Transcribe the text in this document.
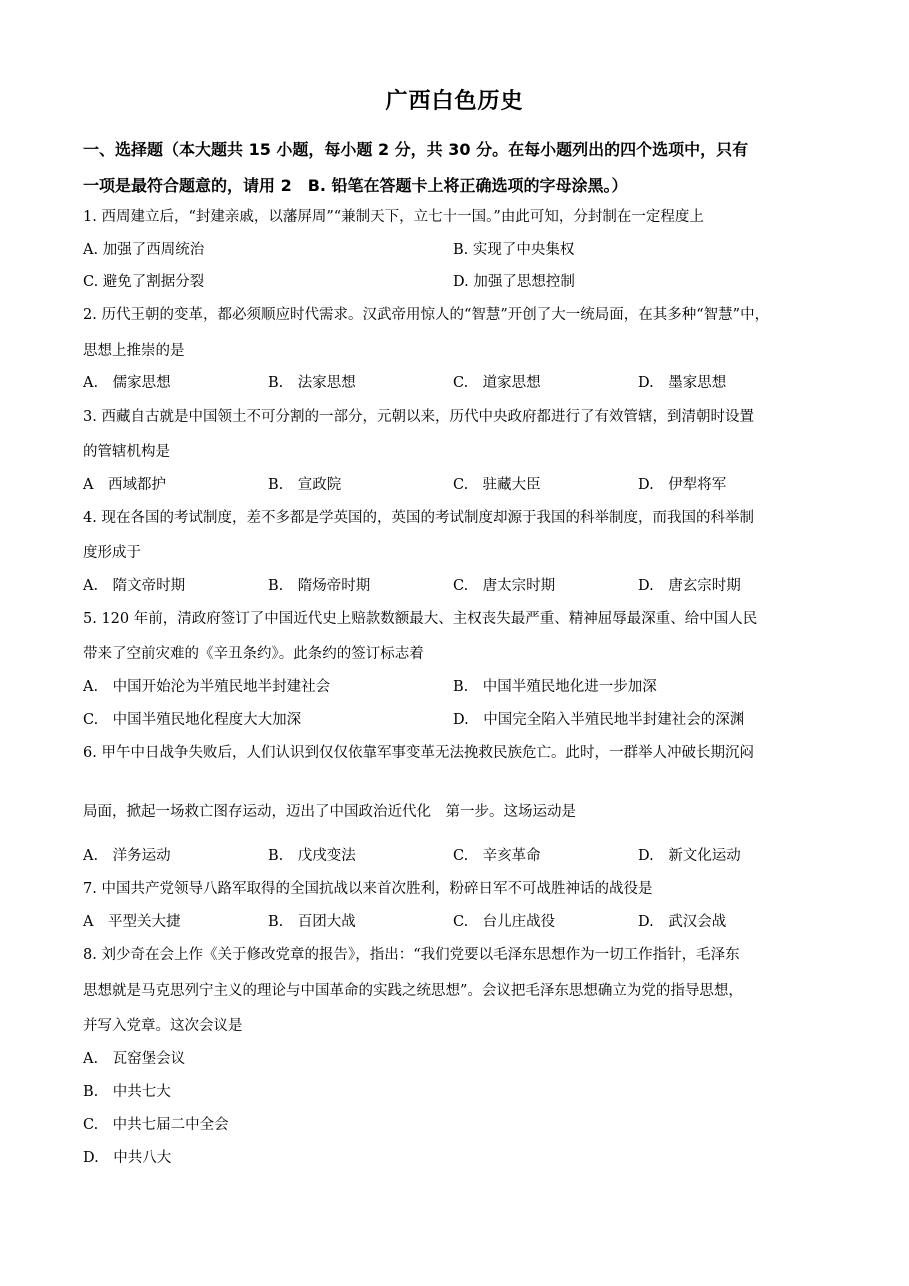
广西白色历史
一、选择题（本大题共 15 小题，每小题 2 分，共 30 分。在每小题列出的四个选项中，只有
一项是最符合题意的，请用 2　B. 铅笔在答题卡上将正确选项的字母涂黑。）
1. 西周建立后，“封建亲戚，以藩屏周”“兼制天下，立七十一国。”由此可知，分封制在一定程度上
A. 加强了西周统治	B. 实现了中央集权
C. 避免了割据分裂	D. 加强了思想控制
2. 历代王朝的变革，都必须顺应时代需求。汉武帝用惊人的“智慧”开创了大一统局面，在其多种“智慧”中，
思想上推崇的是
A.　儒家思想	B.　法家思想	C.　道家思想	D.　墨家思想
3. 西藏自古就是中国领土不可分割的一部分，元朝以来，历代中央政府都进行了有效管辖，到清朝时设置
的管辖机构是
A　西域都护	B.　宣政院	C.　驻藏大臣	D.　伊犁将军
4. 现在各国的考试制度，差不多都是学英国的，英国的考试制度却源于我国的科举制度，而我国的科举制
度形成于
A.　隋文帝时期	B.　隋炀帝时期	C.　唐太宗时期	D.　唐玄宗时期
5. 120 年前，清政府签订了中国近代史上赔款数额最大、主权丧失最严重、精神屈辱最深重、给中国人民
带来了空前灾难的《辛丑条约》。此条约的签订标志着
A.　中国开始沦为半殖民地半封建社会	B.　中国半殖民地化进一步加深
C.　中国半殖民地化程度大大加深	D.　中国完全陷入半殖民地半封建社会的深渊
6. 甲午中日战争失败后，人们认识到仅仅依靠军事变革无法挽救民族危亡。此时，一群举人冲破长期沉闷
局面，掀起一场救亡图存运动，迈出了中国政治近代化　第一步。这场运动是
A.　洋务运动	B.　戊戌变法	C.　辛亥革命	D.　新文化运动
7. 中国共产党领导八路军取得的全国抗战以来首次胜利，粉碎日军不可战胜神话的战役是
A　平型关大捷	B.　百团大战	C.　台儿庄战役	D.　武汉会战
8. 刘少奇在会上作《关于修改党章的报告》，指出：“我们党要以毛泽东思想作为一切工作指针，毛泽东
思想就是马克思列宁主义的理论与中国革命的实践之统思想”。会议把毛泽东思想确立为党的指导思想，
并写入党章。这次会议是
A.　瓦窑堡会议
B.　中共七大
C.　中共七届二中全会
D.　中共八大
